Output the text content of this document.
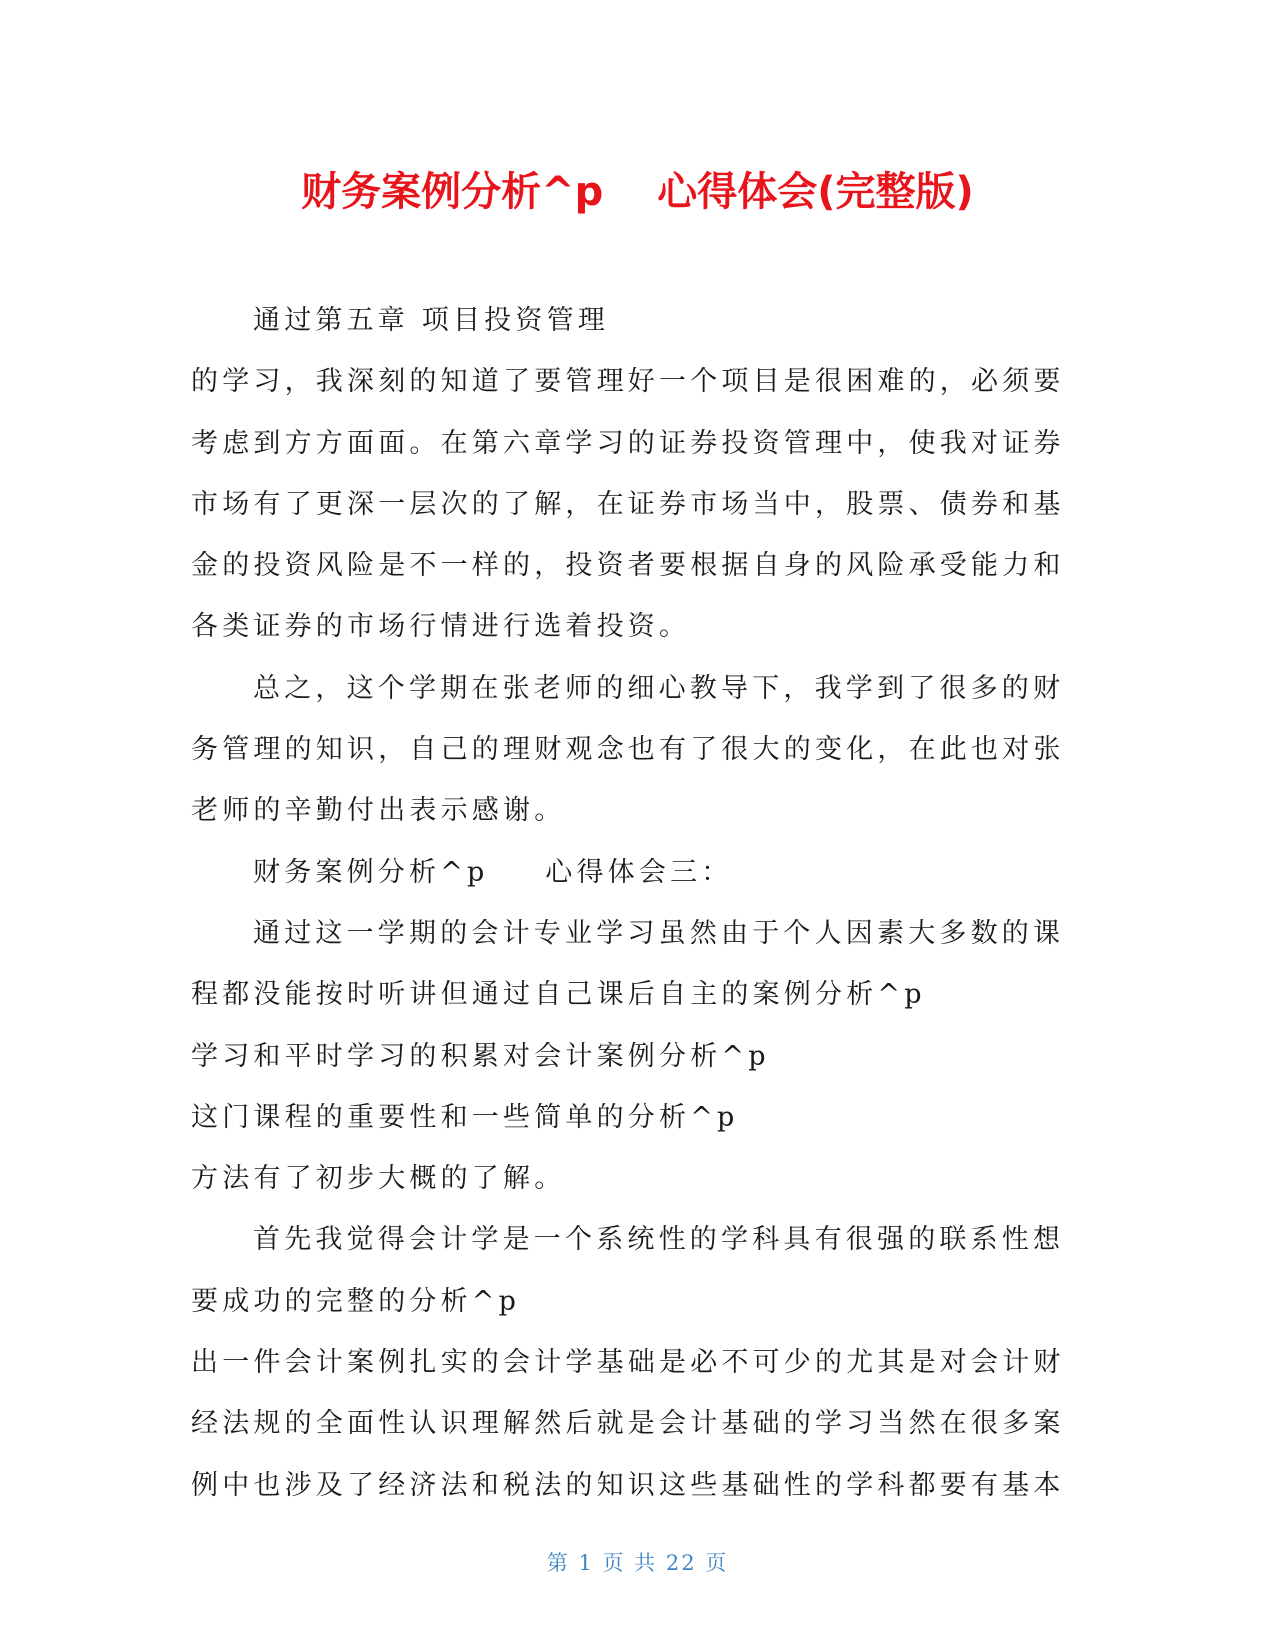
财务案例分析^p　 心得体会(完整版)
通过第五章 项目投资管理
的学习，我深刻的知道了要管理好一个项目是很困难的，必须要
考虑到方方面面。在第六章学习的证券投资管理中，使我对证券
市场有了更深一层次的了解，在证券市场当中，股票、债券和基
金的投资风险是不一样的，投资者要根据自身的风险承受能力和
各类证券的市场行情进行选着投资。
总之，这个学期在张老师的细心教导下，我学到了很多的财
务管理的知识，自己的理财观念也有了很大的变化，在此也对张
老师的辛勤付出表示感谢。
财务案例分析^p 　 心得体会三：
通过这一学期的会计专业学习虽然由于个人因素大多数的课
程都没能按时听讲但通过自己课后自主的案例分析^p
学习和平时学习的积累对会计案例分析^p
这门课程的重要性和一些简单的分析^p
方法有了初步大概的了解。
首先我觉得会计学是一个系统性的学科具有很强的联系性想
要成功的完整的分析^p
出一件会计案例扎实的会计学基础是必不可少的尤其是对会计财
经法规的全面性认识理解然后就是会计基础的学习当然在很多案
例中也涉及了经济法和税法的知识这些基础性的学科都要有基本
第 1 页 共 22 页
